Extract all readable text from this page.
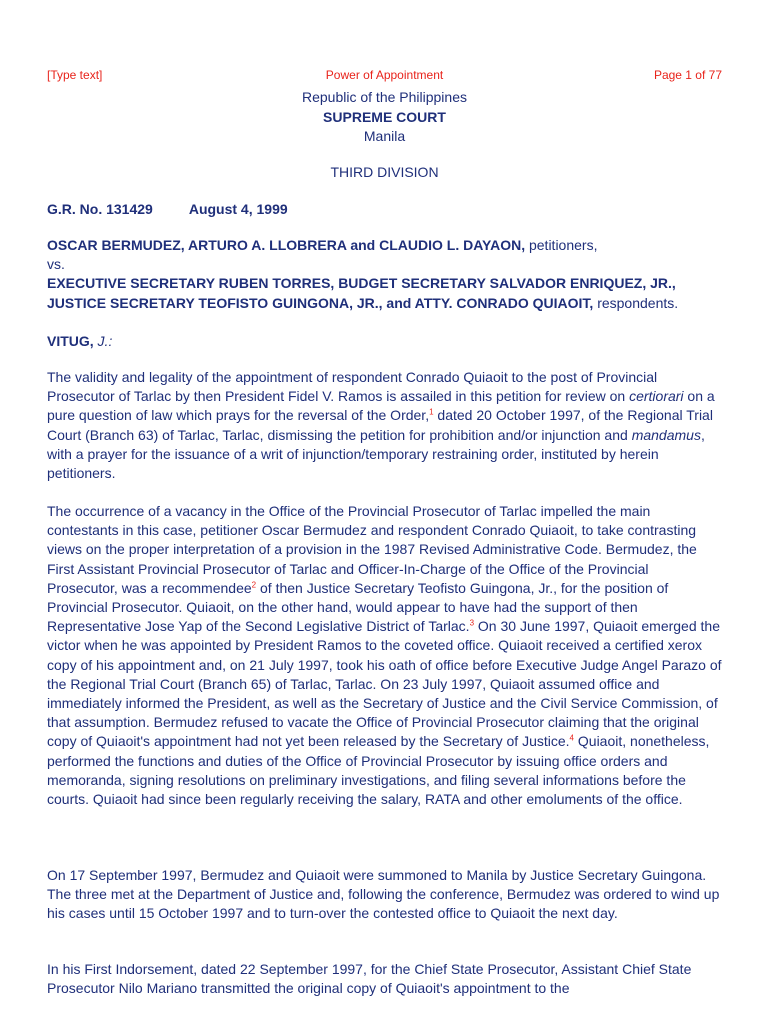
[Type text]	Power of Appointment	Page 1 of 77
Republic of the Philippines
SUPREME COURT
Manila
THIRD DIVISION
G.R. No. 131429	August 4, 1999
OSCAR BERMUDEZ, ARTURO A. LLOBRERA and CLAUDIO L. DAYAON, petitioners,
vs.
EXECUTIVE SECRETARY RUBEN TORRES, BUDGET SECRETARY SALVADOR ENRIQUEZ, JR., JUSTICE SECRETARY TEOFISTO GUINGONA, JR., and ATTY. CONRADO QUIAOIT, respondents.
VITUG, J.:
The validity and legality of the appointment of respondent Conrado Quiaoit to the post of Provincial Prosecutor of Tarlac by then President Fidel V. Ramos is assailed in this petition for review on certiorari on a pure question of law which prays for the reversal of the Order,$^1$ dated 20 October 1997, of the Regional Trial Court (Branch 63) of Tarlac, Tarlac, dismissing the petition for prohibition and/or injunction and mandamus, with a prayer for the issuance of a writ of injunction/temporary restraining order, instituted by herein petitioners.
The occurrence of a vacancy in the Office of the Provincial Prosecutor of Tarlac impelled the main contestants in this case, petitioner Oscar Bermudez and respondent Conrado Quiaoit, to take contrasting views on the proper interpretation of a provision in the 1987 Revised Administrative Code. Bermudez, the First Assistant Provincial Prosecutor of Tarlac and Officer-In-Charge of the Office of the Provincial Prosecutor, was a recommendee$^2$ of then Justice Secretary Teofisto Guingona, Jr., for the position of Provincial Prosecutor. Quiaoit, on the other hand, would appear to have had the support of then Representative Jose Yap of the Second Legislative District of Tarlac.$^3$ On 30 June 1997, Quiaoit emerged the victor when he was appointed by President Ramos to the coveted office. Quiaoit received a certified xerox copy of his appointment and, on 21 July 1997, took his oath of office before Executive Judge Angel Parazo of the Regional Trial Court (Branch 65) of Tarlac, Tarlac. On 23 July 1997, Quiaoit assumed office and immediately informed the President, as well as the Secretary of Justice and the Civil Service Commission, of that assumption. Bermudez refused to vacate the Office of Provincial Prosecutor claiming that the original copy of Quiaoit's appointment had not yet been released by the Secretary of Justice.$^4$ Quiaoit, nonetheless, performed the functions and duties of the Office of Provincial Prosecutor by issuing office orders and memoranda, signing resolutions on preliminary investigations, and filing several informations before the courts. Quiaoit had since been regularly receiving the salary, RATA and other emoluments of the office.
On 17 September 1997, Bermudez and Quiaoit were summoned to Manila by Justice Secretary Guingona. The three met at the Department of Justice and, following the conference, Bermudez was ordered to wind up his cases until 15 October 1997 and to turn-over the contested office to Quiaoit the next day.
In his First Indorsement, dated 22 September 1997, for the Chief State Prosecutor, Assistant Chief State Prosecutor Nilo Mariano transmitted the original copy of Quiaoit's appointment to the
